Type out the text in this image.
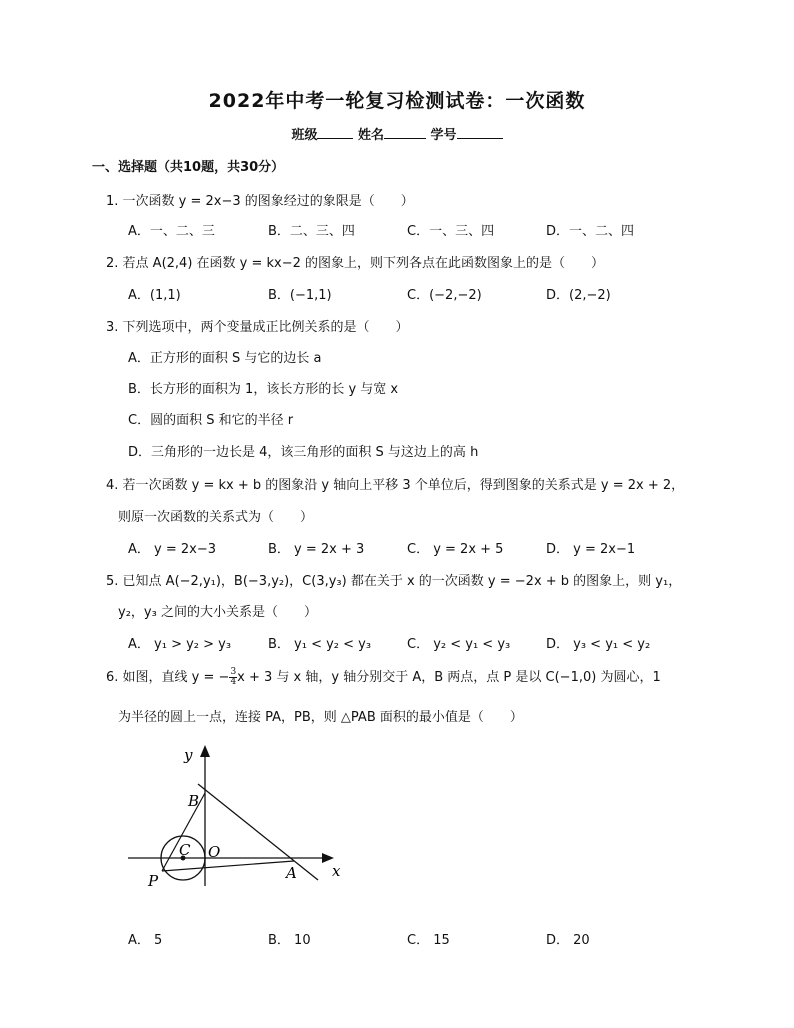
2022年中考一轮复习检测试卷：一次函数
班级	姓名	学号
一、选择题（共10题，共30分）
1. 一次函数 y = 2x−3 的图象经过的象限是（　　）
A．一、二、三	B．二、三、四	C．一、三、四	D．一、二、四
2. 若点 A(2,4) 在函数 y = kx−2 的图象上，则下列各点在此函数图象上的是（　　）
A．(1,1)	B．(−1,1)	C．(−2,−2)	D．(2,−2)
3. 下列选项中，两个变量成正比例关系的是（　　）
A．正方形的面积 S 与它的边长 a
B．长方形的面积为 1，该长方形的长 y 与宽 x
C．圆的面积 S 和它的半径 r
D．三角形的一边长是 4，该三角形的面积 S 与这边上的高 h
4. 若一次函数 y = kx + b 的图象沿 y 轴向上平移 3 个单位后，得到图象的关系式是 y = 2x + 2，
则原一次函数的关系式为（　　）
A． y = 2x−3	B． y = 2x + 3	C． y = 2x + 5	D． y = 2x−1
5. 已知点 A(−2,y₁)，B(−3,y₂)，C(3,y₃) 都在关于 x 的一次函数 y = −2x + b 的图象上，则 y₁，
y₂，y₃ 之间的大小关系是（　　）
A． y₁ > y₂ > y₃	B． y₁ < y₂ < y₃	C． y₂ < y₁ < y₃	D． y₃ < y₁ < y₂
6. 如图，直线 y = − $\frac{3}{4}$ x + 3 与 x 轴，y 轴分别交于 A，B 两点，点 P 是以 C(−1,0) 为圆心，1
为半径的圆上一点，连接 PA，PB，则 △PAB 面积的最小值是（　　）
y
x
B
C O
P	A
A． 5	B． 10	C． 15	D． 20
